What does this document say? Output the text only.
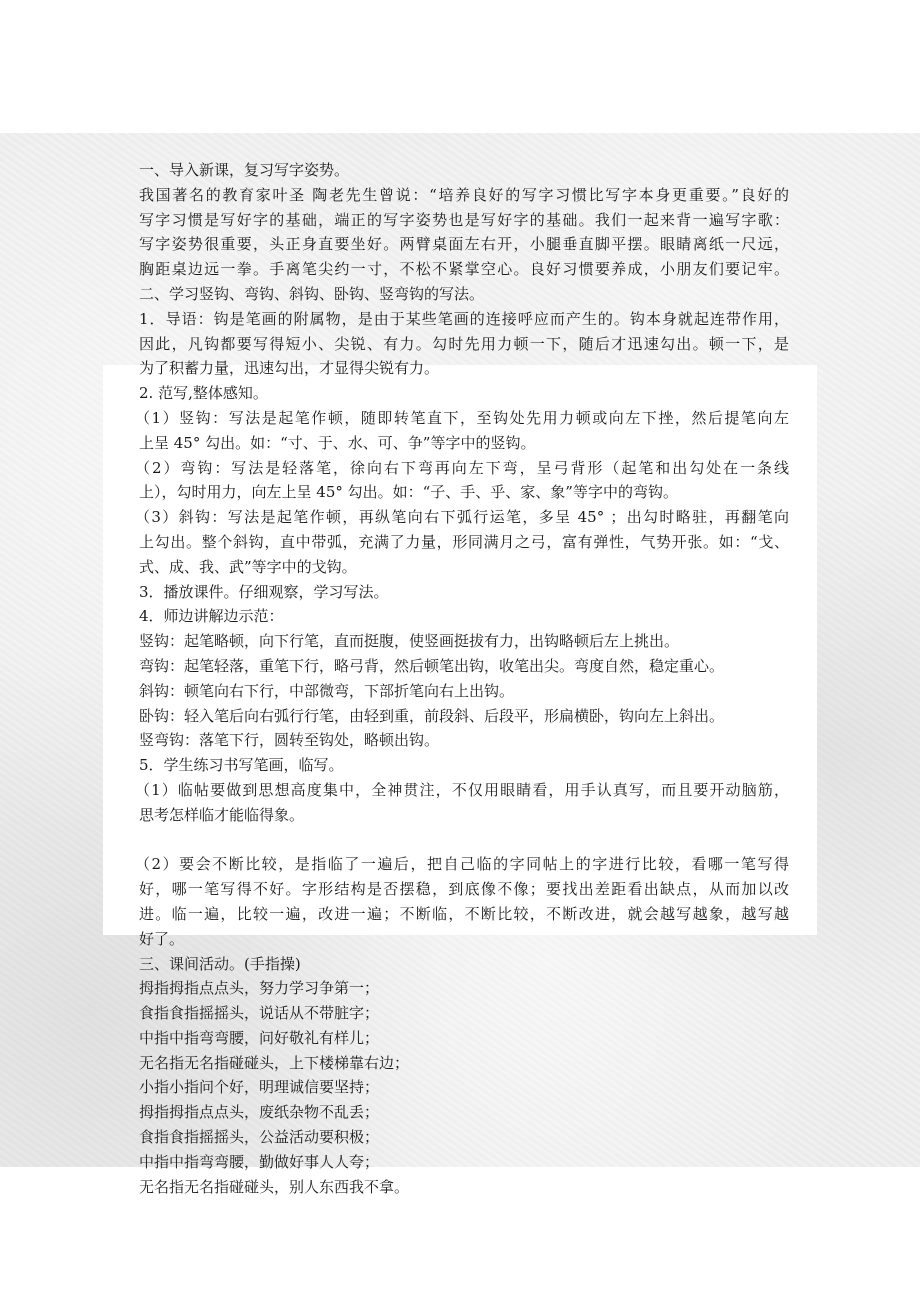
一、导入新课，复习写字姿势。
我国著名的教育家叶圣 陶老先生曾说：“培养良好的写字习惯比写字本身更重要。”良好的
写字习惯是写好字的基础，端正的写字姿势也是写好字的基础。我们一起来背一遍写字歌：
写字姿势很重要，头正身直要坐好。两臂桌面左右开，小腿垂直脚平摆。眼睛离纸一尺远，
胸距桌边远一拳。手离笔尖约一寸，不松不紧掌空心。良好习惯要养成，小朋友们要记牢。
二、学习竖钩、弯钩、斜钩、卧钩、竖弯钩的写法。
1．导语：钩是笔画的附属物，是由于某些笔画的连接呼应而产生的。钩本身就起连带作用，
因此，凡钩都要写得短小、尖锐、有力。勾时先用力顿一下，随后才迅速勾出。顿一下，是
为了积蓄力量，迅速勾出，才显得尖锐有力。
2. 范写,整体感知。
（1）竖钩：写法是起笔作顿，随即转笔直下，至钩处先用力顿或向左下挫，然后提笔向左
上呈 45° 勾出。如：“寸、于、水、可、争”等字中的竖钩。
（2）弯钩：写法是轻落笔，徐向右下弯再向左下弯，呈弓背形（起笔和出勾处在一条线
上），勾时用力，向左上呈 45° 勾出。如：“子、手、乎、家、象”等字中的弯钩。
（3）斜钩：写法是起笔作顿，再纵笔向右下弧行运笔，多呈 45° ；出勾时略驻，再翻笔向
上勾出。整个斜钩，直中带弧，充满了力量，形同满月之弓，富有弹性，气势开张。如：“戈、
式、成、我、武”等字中的戈钩。
3．播放课件。仔细观察，学习写法。
4．师边讲解边示范：
竖钩：起笔略顿，向下行笔，直而挺腹，使竖画挺拔有力，出钩略顿后左上挑出。
弯钩：起笔轻落，重笔下行，略弓背，然后顿笔出钩，收笔出尖。弯度自然，稳定重心。
斜钩：顿笔向右下行，中部微弯，下部折笔向右上出钩。
卧钩：轻入笔后向右弧行行笔，由轻到重，前段斜、后段平，形扁横卧，钩向左上斜出。
竖弯钩：落笔下行，圆转至钩处，略顿出钩。
5．学生练习书写笔画，临写。
（1）临帖要做到思想高度集中，全神贯注，不仅用眼睛看，用手认真写，而且要开动脑筋，
思考怎样临才能临得象。
（2）要会不断比较，是指临了一遍后，把自己临的字同帖上的字进行比较，看哪一笔写得
好，哪一笔写得不好。字形结构是否摆稳，到底像不像；要找出差距看出缺点，从而加以改
进。临一遍，比较一遍，改进一遍；不断临，不断比较，不断改进，就会越写越象，越写越
好了。
三、课间活动。(手指操)
拇指拇指点点头，努力学习争第一；
食指食指摇摇头，说话从不带脏字；
中指中指弯弯腰，问好敬礼有样儿；
无名指无名指碰碰头，上下楼梯靠右边；
小指小指问个好，明理诚信要坚持；
拇指拇指点点头，废纸杂物不乱丢；
食指食指摇摇头，公益活动要积极；
中指中指弯弯腰，勤做好事人人夸；
无名指无名指碰碰头，别人东西我不拿。
